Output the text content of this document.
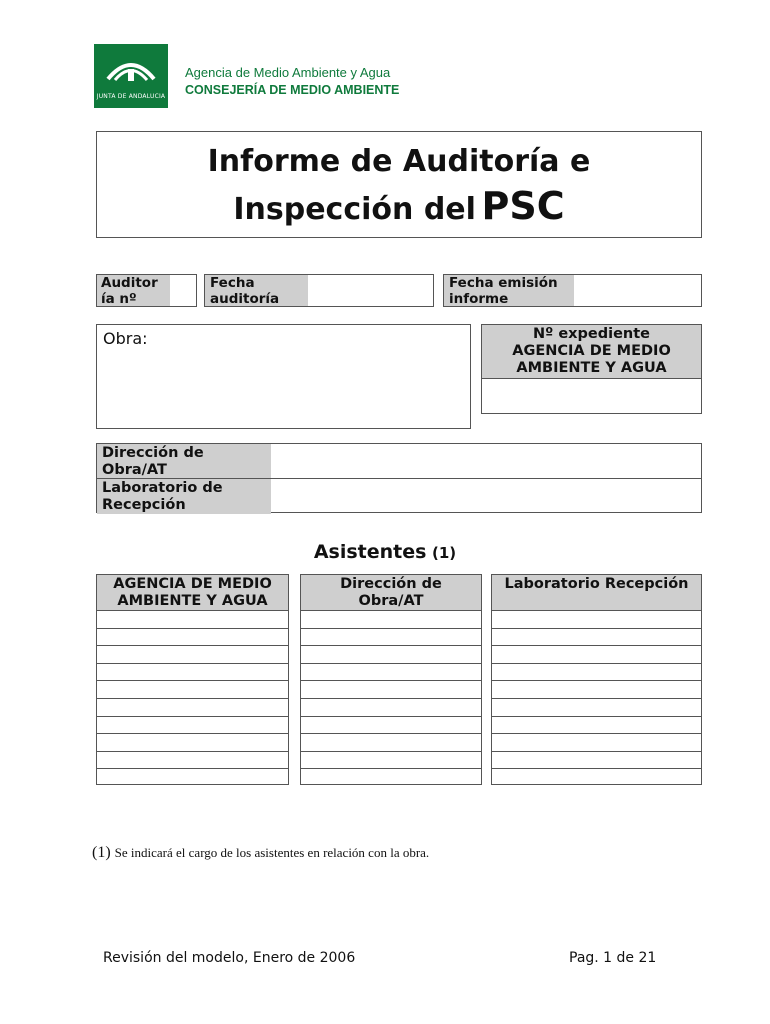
JUNTA DE ANDALUCÍA
Agencia de Medio Ambiente y Agua
CONSEJERÍA DE MEDIO AMBIENTE
Informe de Auditoría e
Inspección del PSC
Auditor
ía nº
Fecha
auditoría
Fecha emisión
informe
Obra:	Nº expediente
AGENCIA DE MEDIO
AMBIENTE Y AGUA
Dirección de
Obra/AT
Laboratorio de
Recepción
Asistentes (1)
AGENCIA DE MEDIO
AMBIENTE Y AGUA
Dirección de
Obra/AT
Laboratorio Recepción
(1) Se indicará el cargo de los asistentes en relación con la obra.
Revisión del modelo, Enero de 2006	Pag. 1 de 21
